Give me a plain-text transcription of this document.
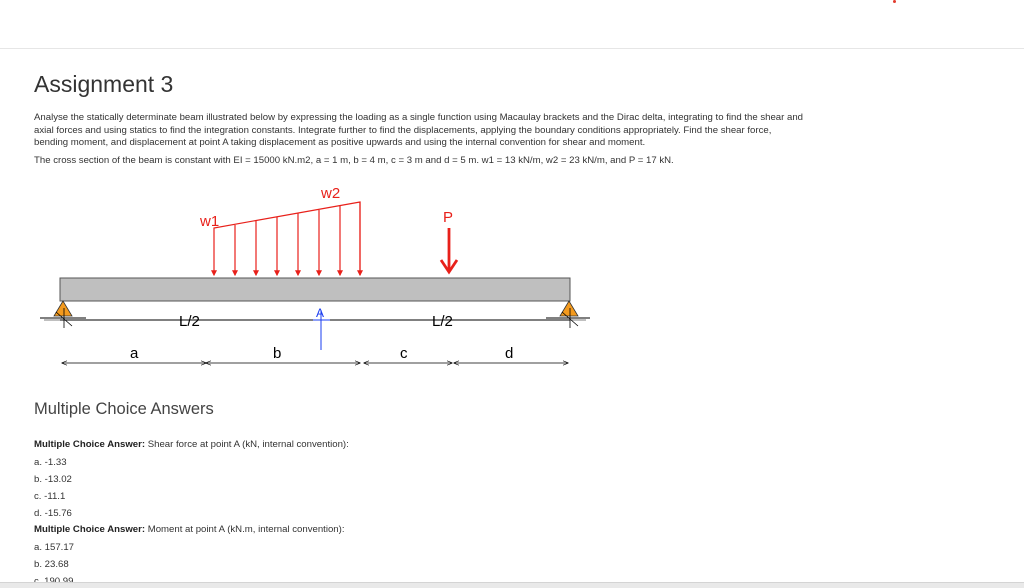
Assignment 3

Analyse the statically determinate beam illustrated below by expressing the loading as a single function using Macaulay brackets and the Dirac delta, integrating to find the shear and axial forces and using statics to find the integration constants. Integrate further to find the displacements, applying the boundary conditions appropriately. Find the shear force, bending moment, and displacement at point A taking displacement as positive upwards and using the internal convention for shear and moment.

The cross section of the beam is constant with EI = 15000 kN.m2, a = 1 m, b = 4 m, c = 3 m and d = 5 m. w1 = 13 kN/m, w2 = 23 kN/m, and P = 17 kN.

w1
w2
P
L/2	L/2
A
a	b	c	d
Multiple Choice Answers
Multiple Choice Answer: Shear force at point A (kN, internal convention):
a. -1.33
b. -13.02
c. -11.1
d. -15.76
Multiple Choice Answer: Moment at point A (kN.m, internal convention):
a. 157.17
b. 23.68
